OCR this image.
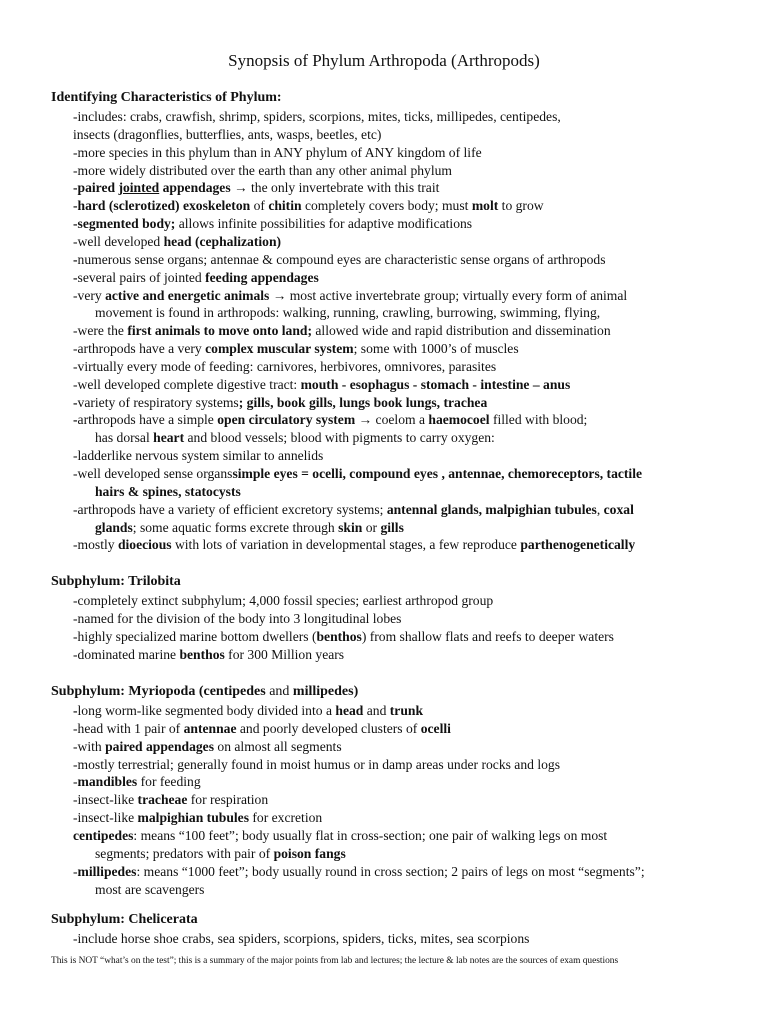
Synopsis of Phylum Arthropoda (Arthropods)
Identifying Characteristics of Phylum:
-includes: crabs, crawfish, shrimp, spiders, scorpions, mites, ticks, millipedes, centipedes,
insects (dragonflies, butterflies, ants, wasps, beetles, etc)
-more species in this phylum than in ANY phylum of ANY kingdom of life
-more widely distributed over the earth than any other animal phylum
-paired jointed appendages → the only invertebrate with this trait
-hard (sclerotized) exoskeleton of chitin completely covers body; must molt to grow
-segmented body; allows infinite possibilities for adaptive modifications
-well developed head (cephalization)
-numerous sense organs; antennae & compound eyes are characteristic sense organs of arthropods
-several pairs of jointed feeding appendages
-very active and energetic animals → most active invertebrate group; virtually every form of animal
movement is found in arthropods: walking, running, crawling, burrowing, swimming, flying,
-were the first animals to move onto land; allowed wide and rapid distribution and dissemination
-arthropods have a very complex muscular system; some with 1000’s of muscles
-virtually every mode of feeding: carnivores, herbivores, omnivores, parasites
-well developed complete digestive tract: mouth - esophagus - stomach - intestine – anus
-variety of respiratory systems; gills, book gills, lungs book lungs, trachea
-arthropods have a simple open circulatory system → coelom a haemocoel filled with blood;
has dorsal heart and blood vessels; blood with pigments to carry oxygen:
-ladderlike nervous system similar to annelids
-well developed sense organssimple eyes = ocelli, compound eyes , antennae, chemoreceptors, tactile
hairs & spines, statocysts
-arthropods have a variety of efficient excretory systems; antennal glands, malpighian tubules, coxal
glands; some aquatic forms excrete through skin or gills
-mostly dioecious with lots of variation in developmental stages, a few reproduce parthenogenetically
Subphylum: Trilobita
-completely extinct subphylum; 4,000 fossil species; earliest arthropod group
-named for the division of the body into 3 longitudinal lobes
-highly specialized marine bottom dwellers (benthos) from shallow flats and reefs to deeper waters
-dominated marine benthos for 300 Million years
Subphylum: Myriopoda (centipedes and millipedes)
-long worm-like segmented body divided into a head and trunk
-head with 1 pair of antennae and poorly developed clusters of ocelli
-with paired appendages on almost all segments
-mostly terrestrial; generally found in moist humus or in damp areas under rocks and logs
-mandibles for feeding
-insect-like tracheae for respiration
-insect-like malpighian tubules for excretion
centipedes: means “100 feet”; body usually flat in cross-section; one pair of walking legs on most
segments; predators with pair of poison fangs
-millipedes: means “1000 feet”; body usually round in cross section; 2 pairs of legs on most “segments”;
most are scavengers
Subphylum: Chelicerata
-include horse shoe crabs, sea spiders, scorpions, spiders, ticks, mites, sea scorpions
This is NOT “what’s on the test”; this is a summary of the major points from lab and lectures; the lecture & lab notes are the sources of exam questions
